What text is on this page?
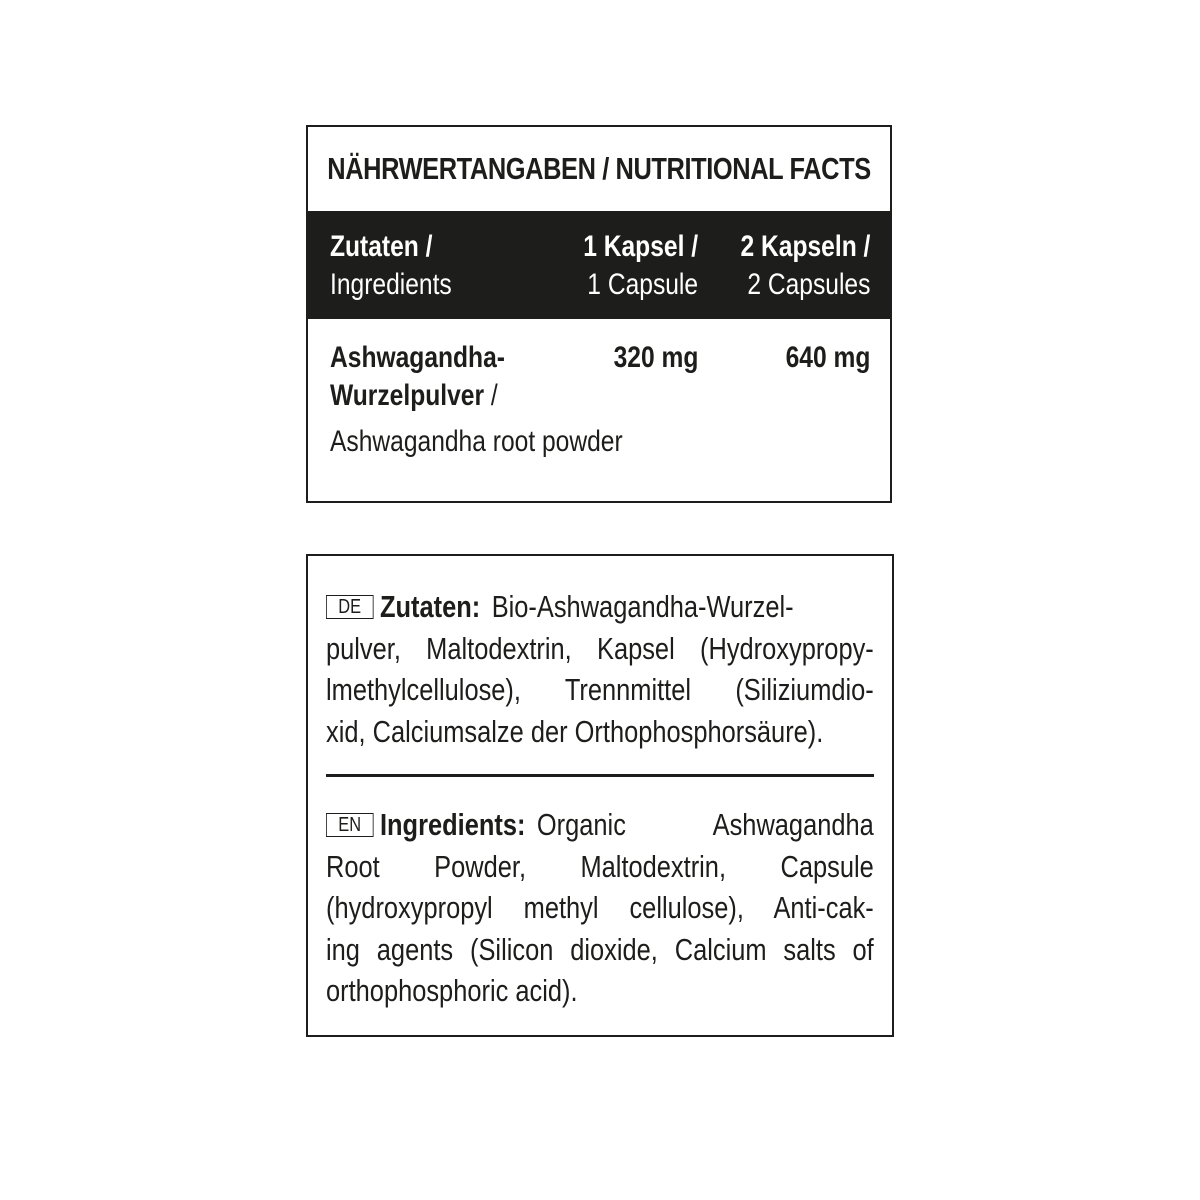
NÄHRWERTANGABEN / NUTRITIONAL FACTS
Zutaten /
Ingredients
1 Kapsel /
1 Capsule
2 Kapseln /
2 Capsules
Ashwagandha-
Wurzelpulver /
Ashwagandha root powder
320 mg	640 mg
DE Zutaten: Bio-Ashwagandha-Wurzel-
pulver, Maltodextrin, Kapsel (Hydroxypropy-
lmethylcellulose), Trennmittel (Siliziumdio-
xid, Calciumsalze der Orthophosphorsäure).
EN Ingredients: Organic Ashwagandha
Root Powder, Maltodextrin, Capsule
(hydroxypropyl methyl cellulose), Anti-cak-
ing agents (Silicon dioxide, Calcium salts of
orthophosphoric acid).
